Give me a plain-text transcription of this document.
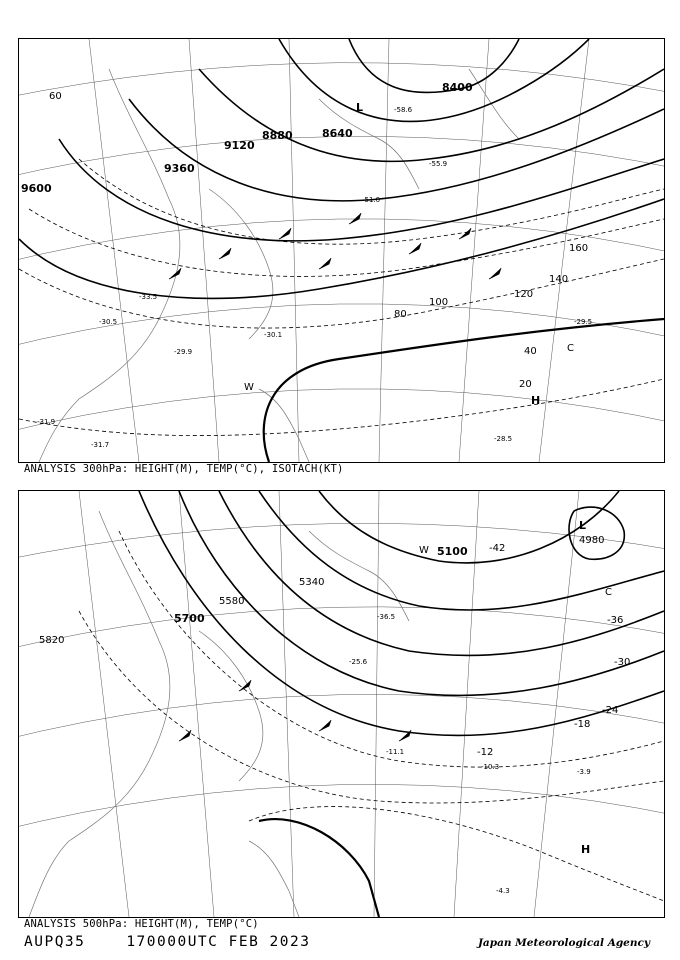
8400
8640
8880
9120
9360
9600
20
40
60
80
100
120
140
160
-28.5
-29.5
-29.9
-30.1
-30.5
-31.7
-31.9
-33.5
-51.0
-55.9
-58.6
L
H
W
C
ANALYSIS 300hPa: HEIGHT(M), TEMP(°C), ISOTACH(KT)
4980
5100
5340
5580
5700
5820
-42
-36
-30
-24
-18
-12
-10.3
-4.3
-3.9
-11.1
-25.6
-36.5
L
H
W
C
ANALYSIS 500hPa: HEIGHT(M), TEMP(°C)
AUPQ35	170000UTC FEB 2023	Japan Meteorological Agency
